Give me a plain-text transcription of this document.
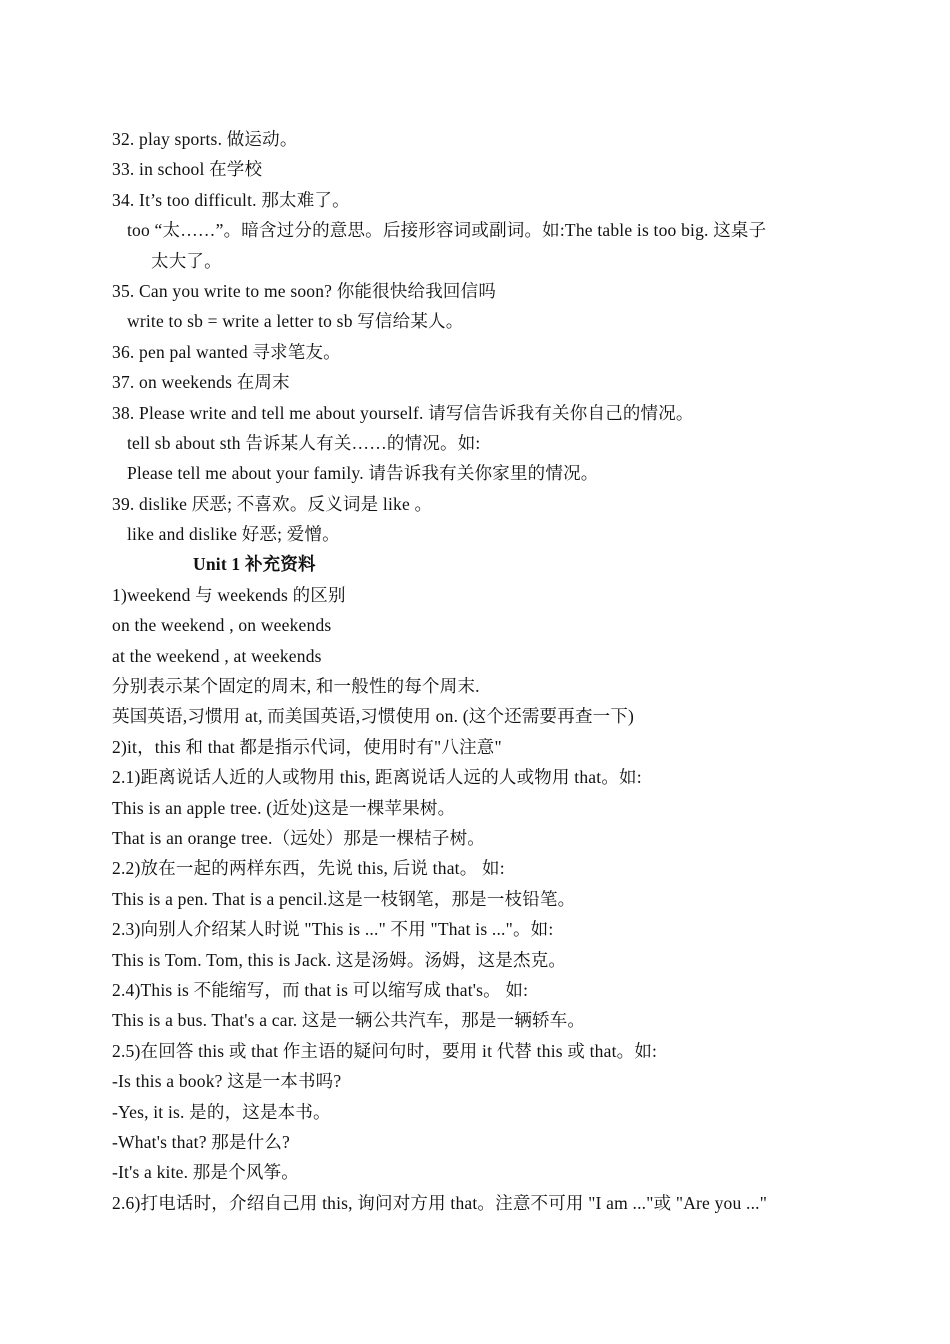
32. play sports. 做运动。
33. in school 在学校
34. It’s too difficult. 那太难了。
too “太……”。暗含过分的意思。后接形容词或副词。如:The table is too big. 这桌子
太大了。
35. Can you write to me soon? 你能很快给我回信吗
write to sb = write a letter to sb 写信给某人。
36. pen pal wanted 寻求笔友。
37. on weekends 在周末
38. Please write and tell me about yourself. 请写信告诉我有关你自己的情况。
tell sb about sth 告诉某人有关……的情况。如:
Please tell me about your family. 请告诉我有关你家里的情况。
39. dislike 厌恶; 不喜欢。反义词是 like 。
like and dislike 好恶; 爱憎。
Unit 1 补充资料
1)weekend 与 weekends 的区别
on the weekend , on weekends
at the weekend , at weekends
分别表示某个固定的周末, 和一般性的每个周末.
英国英语,习惯用 at, 而美国英语,习惯使用 on. (这个还需要再查一下)
2)it，this 和 that 都是指示代词，使用时有"八注意"
2.1)距离说话人近的人或物用 this, 距离说话人远的人或物用 that。如:
This is an apple tree. (近处)这是一棵苹果树。
That is an orange tree.（远处）那是一棵桔子树。
2.2)放在一起的两样东西，先说 this, 后说 that。 如:
This is a pen. That is a pencil.这是一枝钢笔，那是一枝铅笔。
2.3)向别人介绍某人时说 "This is ..." 不用 "That is ..."。如:
This is Tom. Tom, this is Jack. 这是汤姆。汤姆，这是杰克。
2.4)This is 不能缩写，而 that is 可以缩写成 that's。 如:
This is a bus. That's a car. 这是一辆公共汽车，那是一辆轿车。
2.5)在回答 this 或 that 作主语的疑问句时，要用 it 代替 this 或 that。如:
-Is this a book? 这是一本书吗?
-Yes, it is. 是的，这是本书。
-What's that? 那是什么?
-It's a kite. 那是个风筝。
2.6)打电话时，介绍自己用 this, 询问对方用 that。注意不可用 "I am ..."或 "Are you ..."
